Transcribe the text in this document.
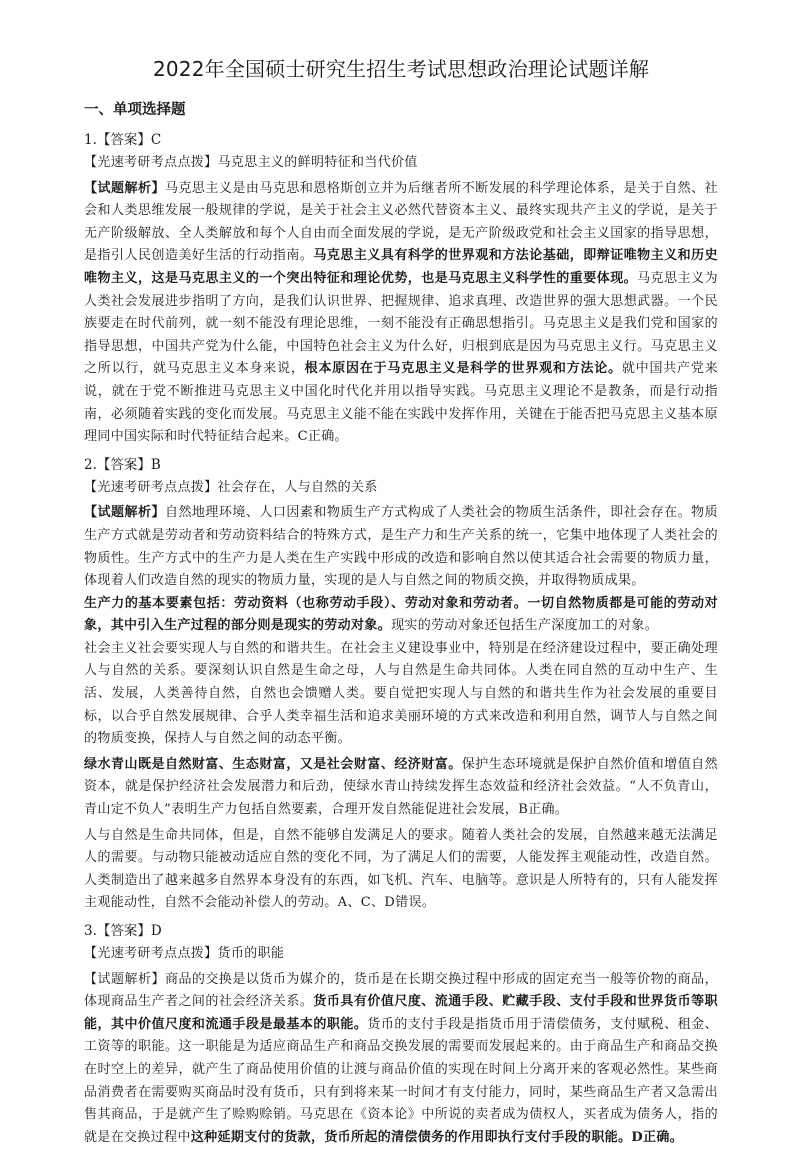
2022年全国硕士研究生招生考试思想政治理论试题详解
一、单项选择题

1.【答案】C

【光速考研考点点拨】马克思主义的鲜明特征和当代价值

【试题解析】马克思主义是由马克思和恩格斯创立并为后继者所不断发展的科学理论体系，是关于自然、社会和人类思维发展一般规律的学说，是关于社会主义必然代替资本主义、最终实现共产主义的学说，是关于无产阶级解放、全人类解放和每个人自由而全面发展的学说，是无产阶级政党和社会主义国家的指导思想，是指引人民创造美好生活的行动指南。马克思主义具有科学的世界观和方法论基础，即辩证唯物主义和历史唯物主义，这是马克思主义的一个突出特征和理论优势，也是马克思主义科学性的重要体现。马克思主义为人类社会发展进步指明了方向，是我们认识世界、把握规律、追求真理、改造世界的强大思想武器。一个民族要走在时代前列，就一刻不能没有理论思维，一刻不能没有正确思想指引。马克思主义是我们党和国家的指导思想，中国共产党为什么能，中国特色社会主义为什么好，归根到底是因为马克思主义行。马克思主义之所以行，就马克思主义本身来说，根本原因在于马克思主义是科学的世界观和方法论。就中国共产党来说，就在于党不断推进马克思主义中国化时代化并用以指导实践。马克思主义理论不是教条，而是行动指南，必须随着实践的变化而发展。马克思主义能不能在实践中发挥作用，关键在于能否把马克思主义基本原理同中国实际和时代特征结合起来。C正确。

2.【答案】B

【光速考研考点点拨】社会存在，人与自然的关系

【试题解析】自然地理环境、人口因素和物质生产方式构成了人类社会的物质生活条件，即社会存在。物质生产方式就是劳动者和劳动资料结合的特殊方式，是生产力和生产关系的统一，它集中地体现了人类社会的物质性。生产方式中的生产力是人类在生产实践中形成的改造和影响自然以使其适合社会需要的物质力量，体现着人们改造自然的现实的物质力量，实现的是人与自然之间的物质交换，并取得物质成果。

生产力的基本要素包括：劳动资料（也称劳动手段）、劳动对象和劳动者。一切自然物质都是可能的劳动对象，其中引入生产过程的部分则是现实的劳动对象。现实的劳动对象还包括生产深度加工的对象。

社会主义社会要实现人与自然的和谐共生。在社会主义建设事业中，特别是在经济建设过程中，要正确处理人与自然的关系。要深刻认识自然是生命之母，人与自然是生命共同体。人类在同自然的互动中生产、生活、发展，人类善待自然，自然也会馈赠人类。要自觉把实现人与自然的和谐共生作为社会发展的重要目标，以合乎自然发展规律、合乎人类幸福生活和追求美丽环境的方式来改造和利用自然，调节人与自然之间的物质变换，保持人与自然之间的动态平衡。

绿水青山既是自然财富、生态财富，又是社会财富、经济财富。保护生态环境就是保护自然价值和增值自然资本，就是保护经济社会发展潜力和后劲，使绿水青山持续发挥生态效益和经济社会效益。“人不负青山，青山定不负人”表明生产力包括自然要素，合理开发自然能促进社会发展，B正确。

人与自然是生命共同体，但是，自然不能够自发满足人的要求。随着人类社会的发展，自然越来越无法满足人的需要。与动物只能被动适应自然的变化不同，为了满足人们的需要，人能发挥主观能动性，改造自然。人类制造出了越来越多自然界本身没有的东西，如飞机、汽车、电脑等。意识是人所特有的，只有人能发挥主观能动性，自然不会能动补偿人的劳动。A、C、D错误。

3.【答案】D

【光速考研考点点拨】货币的职能

【试题解析】商品的交换是以货币为媒介的，货币是在长期交换过程中形成的固定充当一般等价物的商品，体现商品生产者之间的社会经济关系。货币具有价值尺度、流通手段、贮藏手段、支付手段和世界货币等职能，其中价值尺度和流通手段是最基本的职能。货币的支付手段是指货币用于清偿债务，支付赋税、租金、工资等的职能。这一职能是为适应商品生产和商品交换发展的需要而发展起来的。由于商品生产和商品交换在时空上的差异，就产生了商品使用价值的让渡与商品价值的实现在时间上分离开来的客观必然性。某些商品消费者在需要购买商品时没有货币，只有到将来某一时间才有支付能力，同时，某些商品生产者又急需出售其商品，于是就产生了赊购赊销。马克思在《资本论》中所说的卖者成为债权人，买者成为债务人，指的就是在交换过程中这种延期支付的货款，货币所起的清偿债务的作用即执行支付手段的职能。D正确。
